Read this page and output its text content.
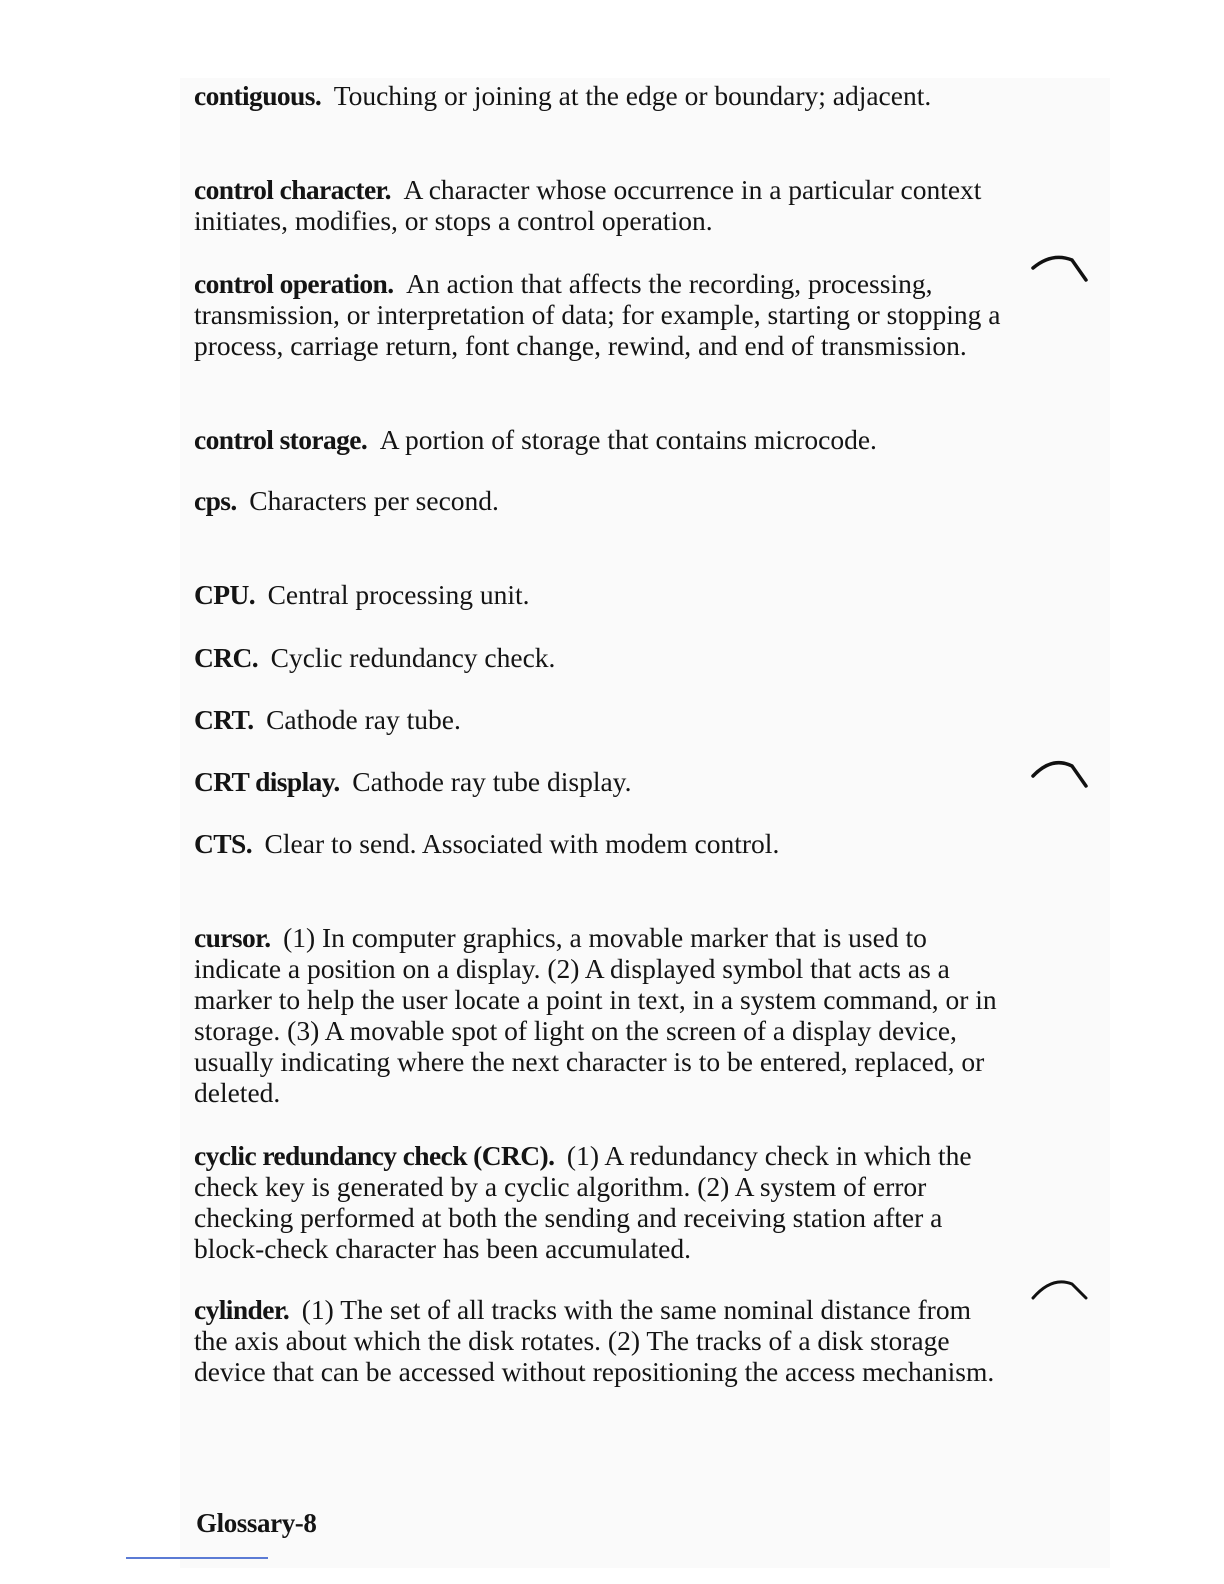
contiguous. Touching or joining at the edge or boundary; adjacent.

control character. A character whose occurrence in a particular context initiates, modifies, or stops a control operation.

control operation. An action that affects the recording, processing, transmission, or interpretation of data; for example, starting or stopping a process, carriage return, font change, rewind, and end of transmission.

control storage. A portion of storage that contains microcode.

cps. Characters per second.

CPU. Central processing unit.

CRC. Cyclic redundancy check.

CRT. Cathode ray tube.

CRT display. Cathode ray tube display.

CTS. Clear to send. Associated with modem control.

cursor. (1) In computer graphics, a movable marker that is used to indicate a position on a display. (2) A displayed symbol that acts as a marker to help the user locate a point in text, in a system command, or in storage. (3) A movable spot of light on the screen of a display device, usually indicating where the next character is to be entered, replaced, or deleted.

cyclic redundancy check (CRC). (1) A redundancy check in which the check key is generated by a cyclic algorithm. (2) A system of error checking performed at both the sending and receiving station after a block-check character has been accumulated.

cylinder. (1) The set of all tracks with the same nominal distance from the axis about which the disk rotates. (2) The tracks of a disk storage device that can be accessed without repositioning the access mechanism.

Glossary-8
